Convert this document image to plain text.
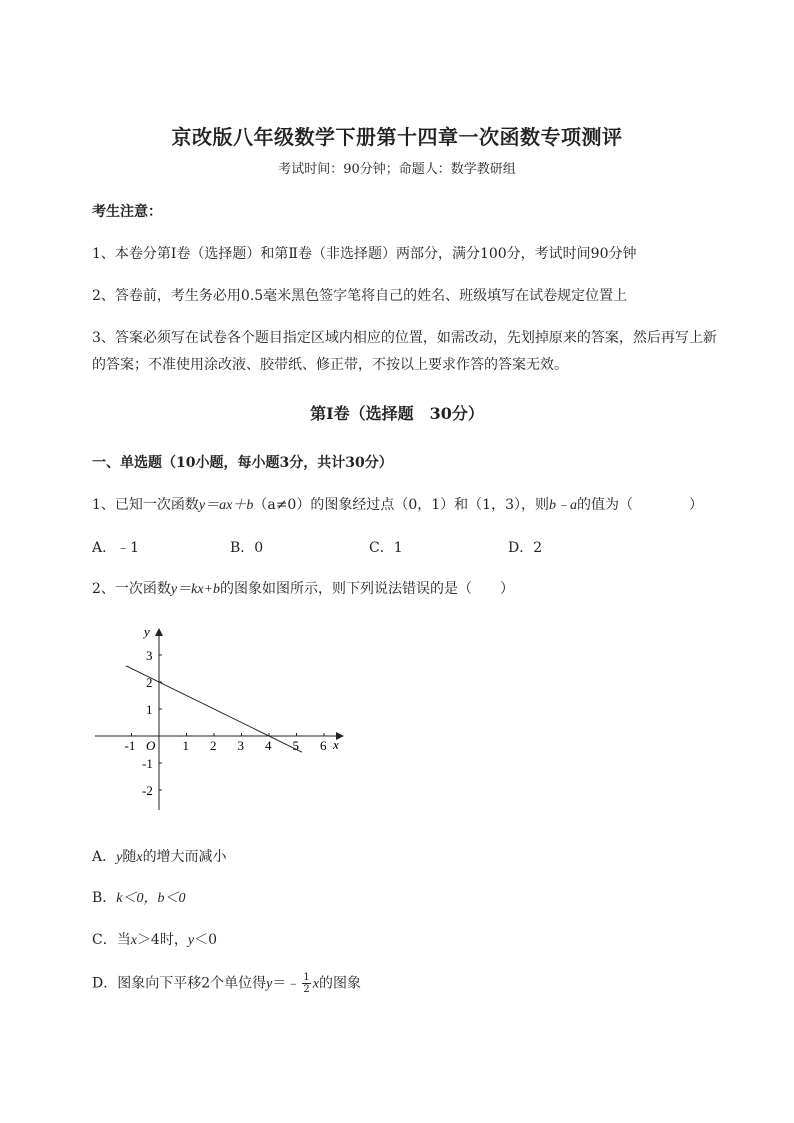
京改版八年级数学下册第十四章一次函数专项测评
考试时间：90分钟；命题人：数学教研组
考生注意：
1、本卷分第I卷（选择题）和第Ⅱ卷（非选择题）两部分，满分100分，考试时间90分钟
2、答卷前，考生务必用0.5毫米黑色签字笔将自己的姓名、班级填写在试卷规定位置上
3、答案必须写在试卷各个题目指定区域内相应的位置，如需改动，先划掉原来的答案，然后再写上新
的答案；不准使用涂改液、胶带纸、修正带，不按以上要求作答的答案无效。
第I卷（选择题　30分）
一、单选题（10小题，每小题3分，共计30分）
1、已知一次函数y＝ax＋b（a≠0）的图象经过点（0，1）和（1，3），则b﹣a的值为（　　　　）
A．﹣1	B．0	C．1	D．2
2、一次函数y＝kx+b的图象如图所示，则下列说法错误的是（　　）
-1	1 2 3 4 5 6
3
2
1
-1
-2
x
y
O
A．y随x的增大而减小
B．k＜0，b＜0
C．当x＞4时，y＜0
D．图象向下平移2个单位得y＝﹣ $\frac{1}{2}$ x的图象
